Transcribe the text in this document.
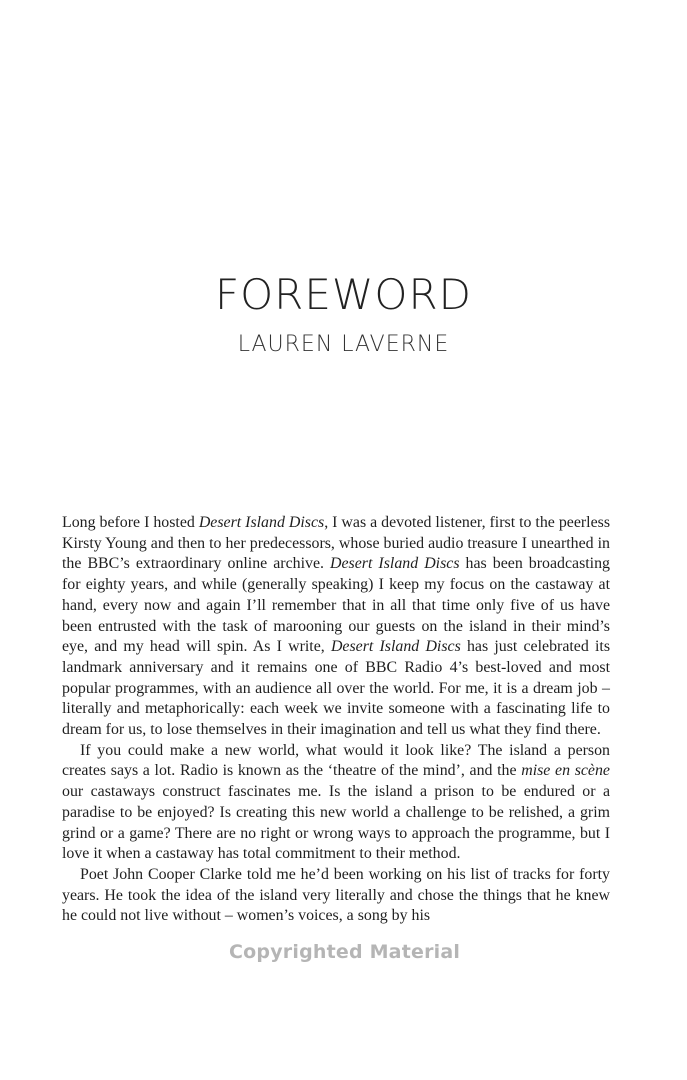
FOREWORD
LAUREN LAVERNE

Long before I hosted Desert Island Discs, I was a devoted listener, first to the peerless Kirsty Young and then to her predecessors, whose buried audio treasure I unearthed in the BBC’s extraordinary online archive. Desert Island Discs has been broadcasting for eighty years, and while (generally speaking) I keep my focus on the castaway at hand, every now and again I’ll remember that in all that time only five of us have been entrusted with the task of marooning our guests on the island in their mind’s eye, and my head will spin. As I write, Desert Island Discs has just celebrated its landmark anniversary and it remains one of BBC Radio 4’s best-loved and most popular programmes, with an audience all over the world. For me, it is a dream job – literally and metaphorically: each week we invite someone with a fascinating life to dream for us, to lose themselves in their imagination and tell us what they find there.

If you could make a new world, what would it look like? The island a person creates says a lot. Radio is known as the ‘theatre of the mind’, and the mise en scène our castaways construct fascinates me. Is the island a prison to be endured or a paradise to be enjoyed? Is creating this new world a challenge to be relished, a grim grind or a game? There are no right or wrong ways to approach the programme, but I love it when a castaway has total commitment to their method.

Poet John Cooper Clarke told me he’d been working on his list of tracks for forty years. He took the idea of the island very literally and chose the things that he knew he could not live without – women’s voices, a song by his

Copyrighted Material
